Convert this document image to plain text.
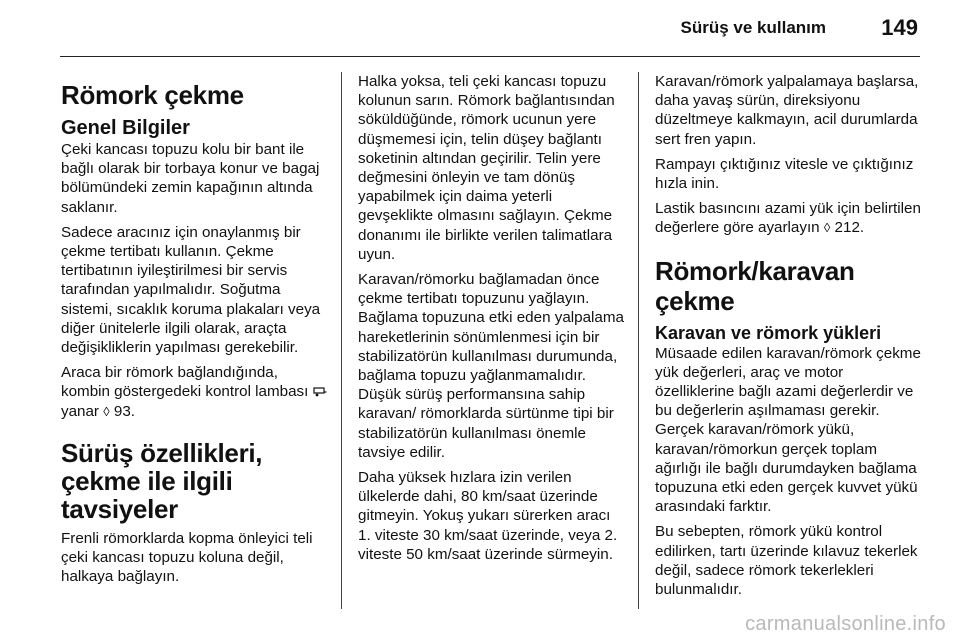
Sürüş ve kullanım	149
Römork çekme
Genel Bilgiler

Çeki kancası topuzu kolu bir bant ile bağlı olarak bir torbaya konur ve bagaj bölümündeki zemin kapağının altında saklanır.

Sadece aracınız için onaylanmış bir çekme tertibatı kullanın. Çekme tertibatının iyileştirilmesi bir servis tarafından yapılmalıdır. Soğutma sistemi, sıcaklık koruma plakaları veya diğer ünitelerle ilgili olarak, araçta değişikliklerin yapılması gerekebilir.

Araca bir römork bağlandığında, kombin göstergedeki kontrol lambası  yanar ◊ 93.

Sürüş özellikleri, çekme ile ilgili tavsiyeler

Frenli römorklarda kopma önleyici teli çeki kancası topuzu koluna değil, halkaya bağlayın.

Halka yoksa, teli çeki kancası topuzu kolunun sarın. Römork bağlantısından söküldüğünde, römork ucunun yere düşmemesi için, telin düşey bağlantı soketinin altından geçirilir. Telin yere değmesini önleyin ve tam dönüş yapabilmek için daima yeterli gevşeklikte olmasını sağlayın. Çekme donanımı ile birlikte verilen talimatlara uyun.

Karavan/römorku bağlamadan önce çekme tertibatı topuzunu yağlayın. Bağlama topuzuna etki eden yalpalama hareketlerinin sönümlenmesi için bir stabilizatörün kullanılması durumunda, bağlama topuzu yağlanmamalıdır. Düşük sürüş performansına sahip karavan/ römorklarda sürtünme tipi bir stabilizatörün kullanılması önemle tavsiye edilir.

Daha yüksek hızlara izin verilen ülkelerde dahi, 80 km/saat üzerinde gitmeyin. Yokuş yukarı sürerken aracı 1. viteste 30 km/saat üzerinde, veya 2. viteste 50 km/saat üzerinde sürmeyin.

Karavan/römork yalpalamaya başlarsa, daha yavaş sürün, direksiyonu düzeltmeye kalkmayın, acil durumlarda sert fren yapın.

Rampayı çıktığınız vitesle ve çıktığınız hızla inin.

Lastik basıncını azami yük için belirtilen değerlere göre ayarlayın ◊ 212.

Römork/karavan çekme
Karavan ve römork yükleri

Müsaade edilen karavan/römork çekme yük değerleri, araç ve motor özelliklerine bağlı azami değerlerdir ve bu değerlerin aşılmaması gerekir. Gerçek karavan/römork yükü, karavan/römorkun gerçek toplam ağırlığı ile bağlı durumdayken bağlama topuzuna etki eden gerçek kuvvet yükü arasındaki farktır.

Bu sebepten, römork yükü kontrol edilirken, tartı üzerinde kılavuz tekerlek değil, sadece römork tekerlekleri bulunmalıdır.

carmanualsonline.info
